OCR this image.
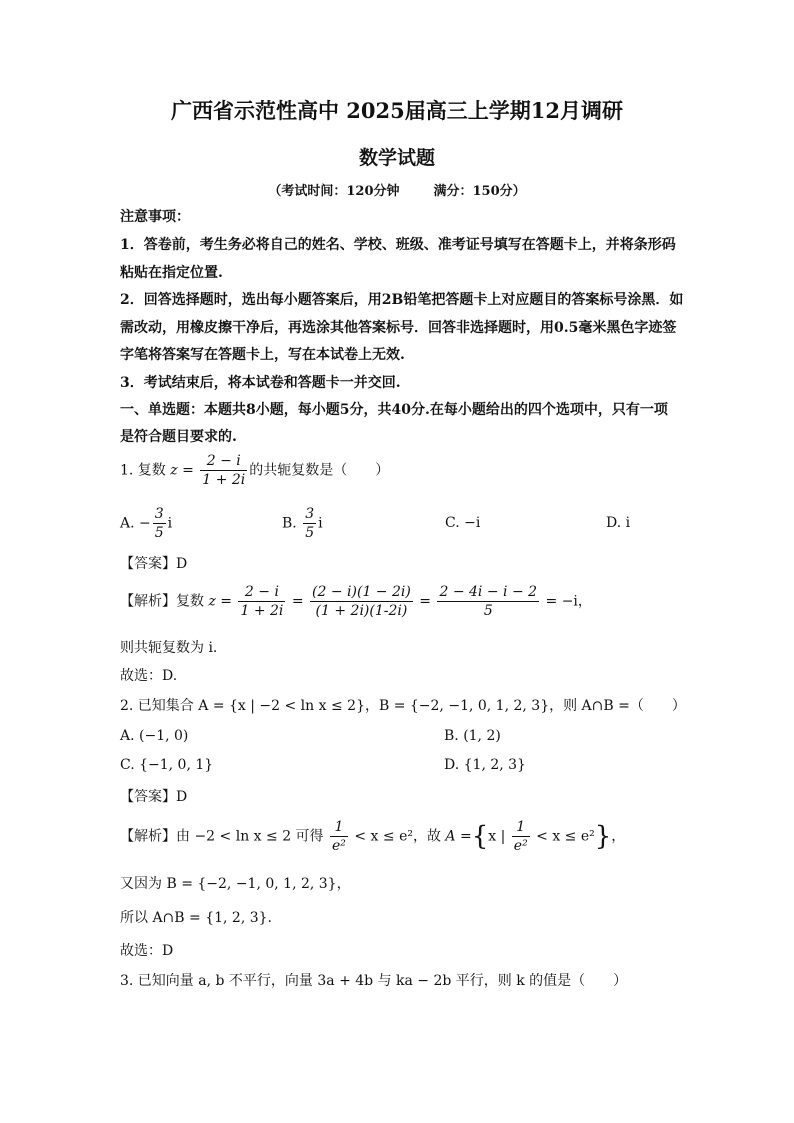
广西省示范性高中 2025届高三上学期12月调研
数学试题
（考试时间：120分钟	满分：150分）
注意事项：
1．答卷前，考生务必将自己的姓名、学校、班级、准考证号填写在答题卡上，并将条形码
粘贴在指定位置.
2．回答选择题时，选出每小题答案后，用2B铅笔把答题卡上对应题目的答案标号涂黑．如
需改动，用橡皮擦干净后，再选涂其他答案标号．回答非选择题时，用0.5毫米黑色字迹签
字笔将答案写在答题卡上，写在本试卷上无效.
3．考试结束后，将本试卷和答题卡一并交回.
一、单选题：本题共8小题，每小题5分，共40分.在每小题给出的四个选项中，只有一项
是符合题目要求的.
1. 复数 $z = \frac{2 - i}{1 + 2i}$ 的共轭复数是（　　）
A. − $\frac{3}{5}$ i	B. $\frac{3}{5}$ i	C. −i	D. i
【答案】D
【解析】复数 $z = \frac{2 - i}{1 + 2i} = \frac{(2 - i)(1 - 2i)}{(1 + 2i)(1-2i)} = \frac{2 - 4i - i - 2}{5} = -i$，
则共轭复数为 i.
故选：D.
2. 已知集合 A = {x | −2 < ln x ≤ 2}，B = {−2, −1, 0, 1, 2, 3}，则 A∩B =（　　）
A. (−1, 0)	B. (1, 2)
C. {−1, 0, 1}	D. {1, 2, 3}
【答案】D
【解析】由 −2 < ln x ≤ 2 可得 $\frac{1}{\text{e²}} < x \le e^2$，故 A ={x | $\frac{1}{\text{e²}} < x \le e^2$}，
又因为 B = {−2, −1, 0, 1, 2, 3}，
所以 A∩B = {1, 2, 3}.
故选：D
3. 已知向量 a, b 不平行，向量 3a + 4b 与 ka − 2b 平行，则 k 的值是（　　）
